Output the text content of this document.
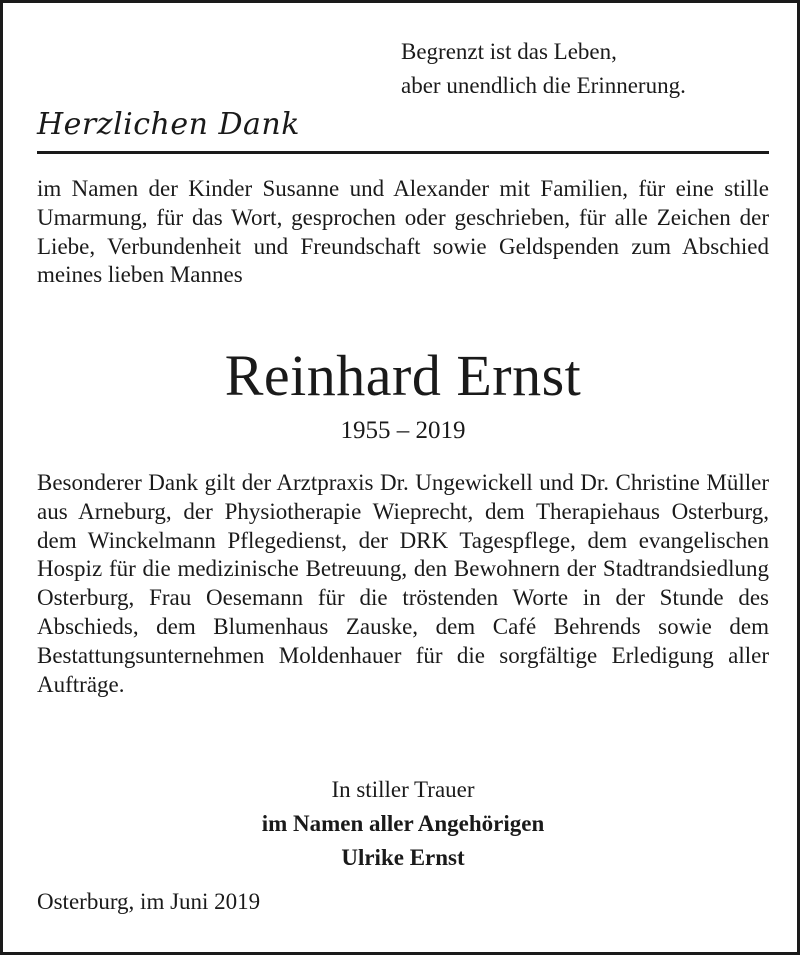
Begrenzt ist das Leben,
aber unendlich die Erinnerung.
Herzlichen Dank
im Namen der Kinder Susanne und Alexander mit Familien, für eine stille Umarmung, für das Wort, gesprochen oder geschrieben, für alle Zeichen der Liebe, Verbundenheit und Freundschaft sowie Geldspenden zum Abschied meines lieben Mannes
Reinhard Ernst
1955 – 2019
Besonderer Dank gilt der Arztpraxis Dr. Ungewickell und Dr. Christine Müller aus Arneburg, der Physiotherapie Wieprecht, dem Therapiehaus Osterburg, dem Winckelmann Pflegedienst, der DRK Tagespflege, dem evangelischen Hospiz für die medizinische Betreuung, den Bewohnern der Stadtrandsiedlung Osterburg, Frau Oesemann für die tröstenden Worte in der Stunde des Abschieds, dem Blumenhaus Zauske, dem Café Behrends sowie dem Bestattungsunternehmen Moldenhauer für die sorgfältige Erledigung aller Aufträge.
In stiller Trauer
im Namen aller Angehörigen
Ulrike Ernst
Osterburg, im Juni 2019
